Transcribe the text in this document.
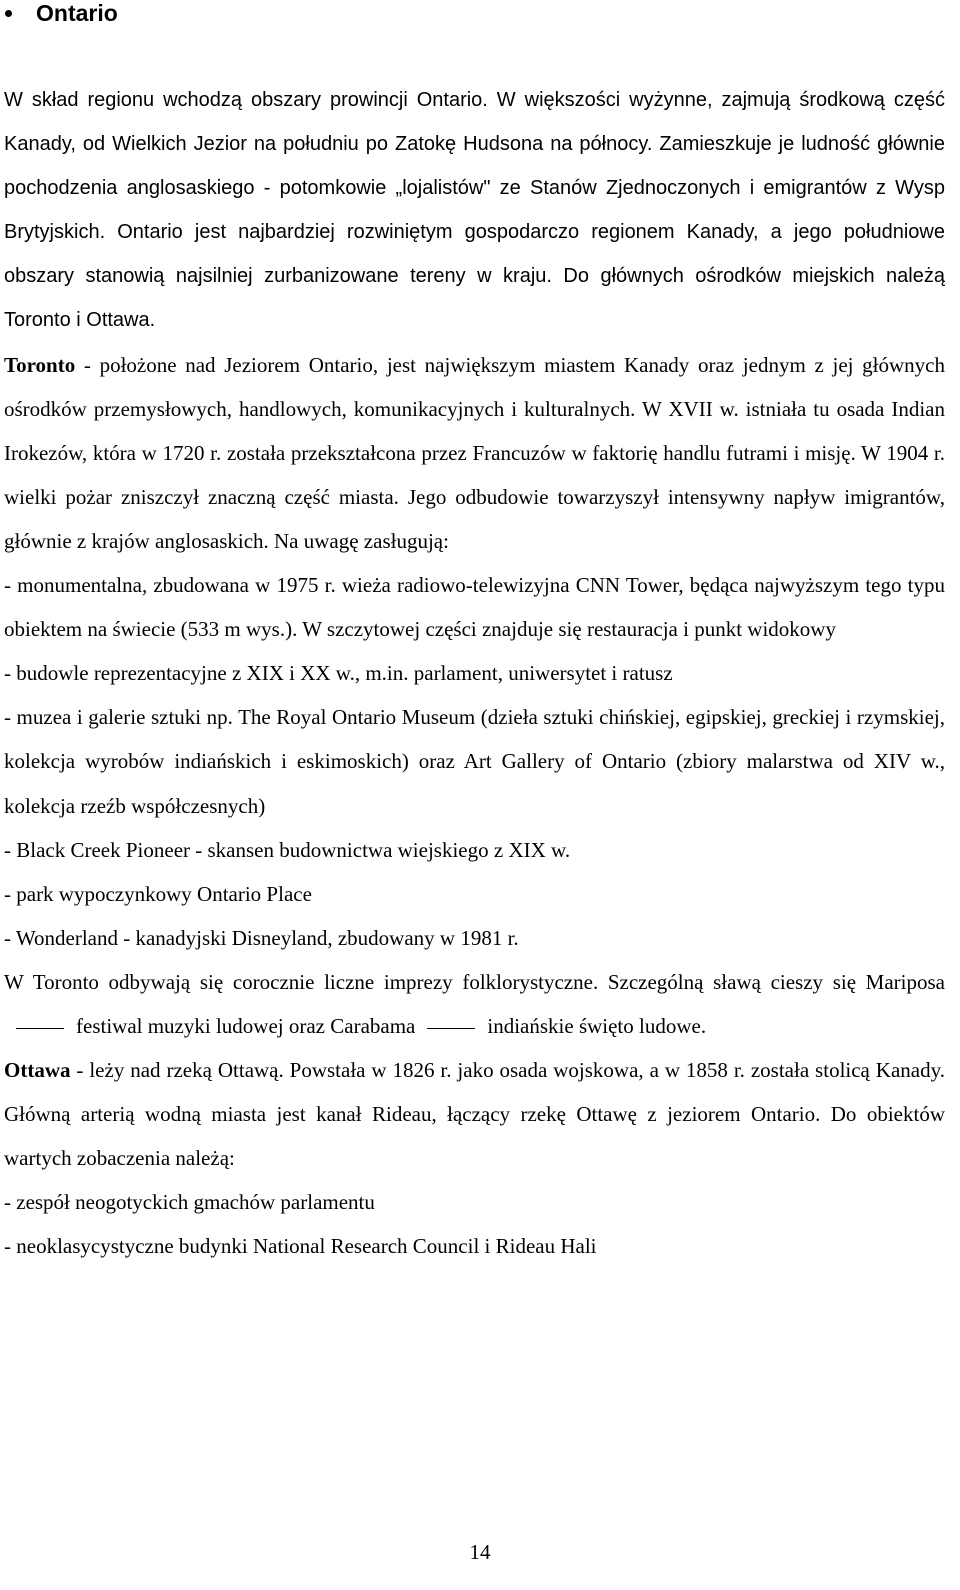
Ontario

W skład regionu wchodzą obszary prowincji Ontario. W większości wyżynne, zajmują środkową część Kanady, od Wielkich Jezior na południu po Zatokę Hudsona na północy. Zamieszkuje je ludność głównie pochodzenia anglosaskiego - potomkowie „lojalistów" ze Stanów Zjednoczonych i emigrantów z Wysp Brytyjskich. Ontario jest najbardziej rozwiniętym gospodarczo regionem Kanady, a jego południowe obszary stanowią najsilniej zurbanizowane tereny w kraju. Do głównych ośrodków miejskich należą Toronto i Ottawa.

Toronto - położone nad Jeziorem Ontario, jest największym miastem Kanady oraz jednym z jej głównych ośrodków przemysłowych, handlowych, komunikacyjnych i kulturalnych. W XVII w. istniała tu osada Indian Irokezów, która w 1720 r. została przekształcona przez Francuzów w faktorię handlu futrami i misję. W 1904 r. wielki pożar zniszczył znaczną część miasta. Jego odbudowie towarzyszył intensywny napływ imigrantów, głównie z krajów anglosaskich. Na uwagę zasługują:

- monumentalna, zbudowana w 1975 r. wieża radiowo-telewizyjna CNN Tower, będąca najwyższym tego typu obiektem na świecie (533 m wys.). W szczytowej części znajduje się restauracja i punkt widokowy

- budowle reprezentacyjne z XIX i XX w., m.in. parlament, uniwersytet i ratusz

- muzea i galerie sztuki np. The Royal Ontario Museum (dzieła sztuki chińskiej, egipskiej, greckiej i rzymskiej, kolekcja wyrobów indiańskich i eskimoskich) oraz Art Gallery of Ontario (zbiory malarstwa od XIV w., kolekcja rzeźb współczesnych)

- Black Creek Pioneer - skansen budownictwa wiejskiego z XIX w.

- park wypoczynkowy Ontario Place

- Wonderland - kanadyjski Disneyland, zbudowany w 1981 r.

W Toronto odbywają się corocznie liczne imprezy folklorystyczne. Szczególną sławą cieszy się Mariposafestiwal muzyki ludowej oraz Carabama	indiańskie święto ludowe.

Ottawa - leży nad rzeką Ottawą. Powstała w 1826 r. jako osada wojskowa, a w 1858 r. została stolicą Kanady. Główną arterią wodną miasta jest kanał Rideau, łączący rzekę Ottawę z jeziorem Ontario. Do obiektów wartych zobaczenia należą:

- zespół neogotyckich gmachów parlamentu

- neoklasycystyczne budynki National Research Council i Rideau Hali

14
